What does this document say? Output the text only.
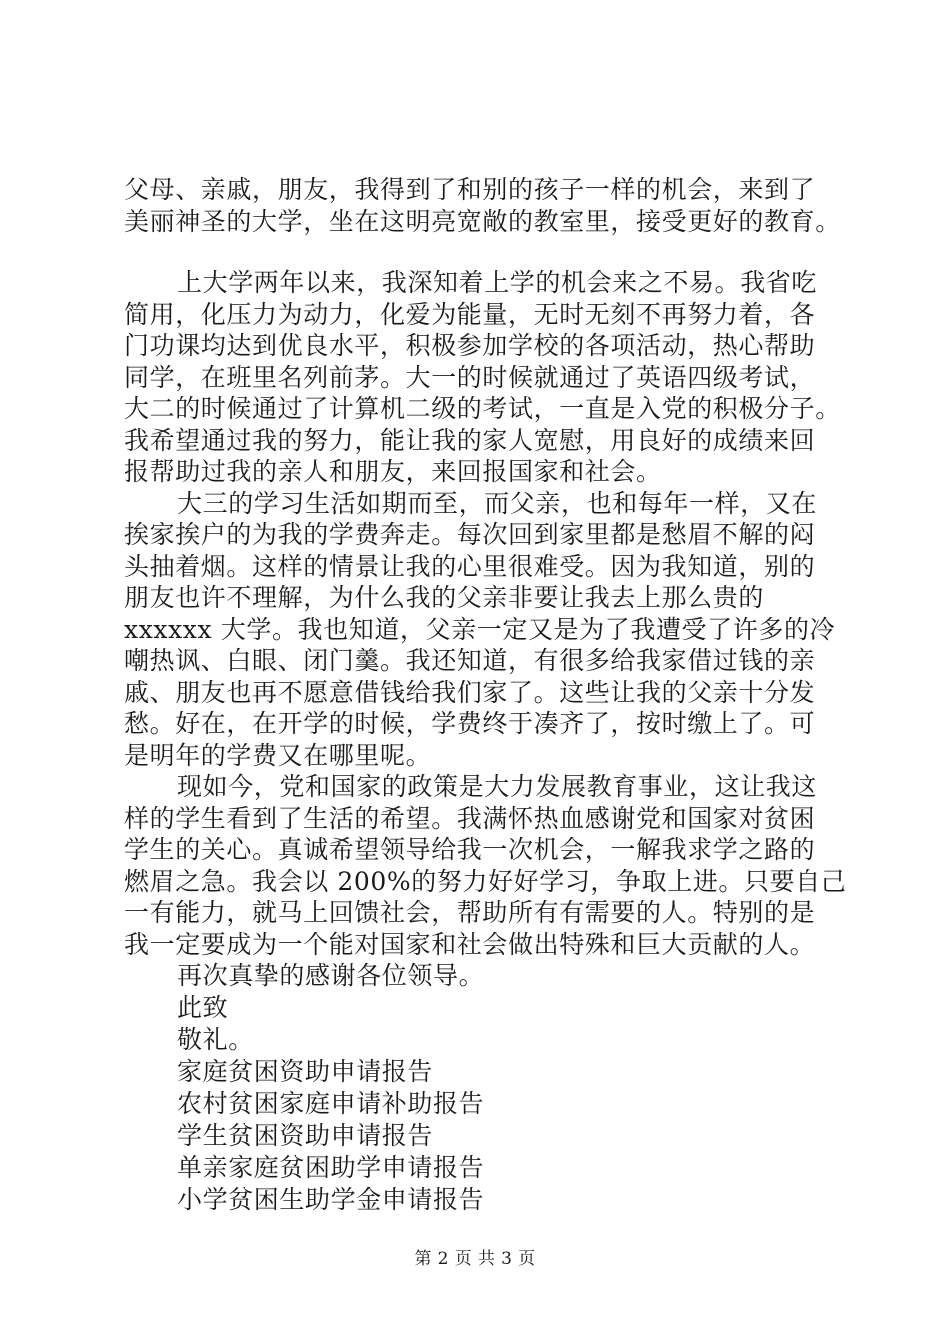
父母、亲戚，朋友，我得到了和别的孩子一样的机会，来到了
美丽神圣的大学，坐在这明亮宽敞的教室里，接受更好的教育。
上大学两年以来，我深知着上学的机会来之不易。我省吃
简用，化压力为动力，化爱为能量，无时无刻不再努力着，各
门功课均达到优良水平，积极参加学校的各项活动，热心帮助
同学，在班里名列前茅。大一的时候就通过了英语四级考试，
大二的时候通过了计算机二级的考试，一直是入党的积极分子。
我希望通过我的努力，能让我的家人宽慰，用良好的成绩来回
报帮助过我的亲人和朋友，来回报国家和社会。
大三的学习生活如期而至，而父亲，也和每年一样，又在
挨家挨户的为我的学费奔走。每次回到家里都是愁眉不解的闷
头抽着烟。这样的情景让我的心里很难受。因为我知道，别的
朋友也许不理解，为什么我的父亲非要让我去上那么贵的
xxxxxx 大学。我也知道，父亲一定又是为了我遭受了许多的冷
嘲热讽、白眼、闭门羹。我还知道，有很多给我家借过钱的亲
戚、朋友也再不愿意借钱给我们家了。这些让我的父亲十分发
愁。好在，在开学的时候，学费终于凑齐了，按时缴上了。可
是明年的学费又在哪里呢。
现如今，党和国家的政策是大力发展教育事业，这让我这
样的学生看到了生活的希望。我满怀热血感谢党和国家对贫困
学生的关心。真诚希望领导给我一次机会，一解我求学之路的
燃眉之急。我会以 200%的努力好好学习，争取上进。只要自己
一有能力，就马上回馈社会，帮助所有有需要的人。特别的是
我一定要成为一个能对国家和社会做出特殊和巨大贡献的人。
再次真挚的感谢各位领导。
此致
敬礼。
家庭贫困资助申请报告
农村贫困家庭申请补助报告
学生贫困资助申请报告
单亲家庭贫困助学申请报告
小学贫困生助学金申请报告
第 2 页 共 3 页
